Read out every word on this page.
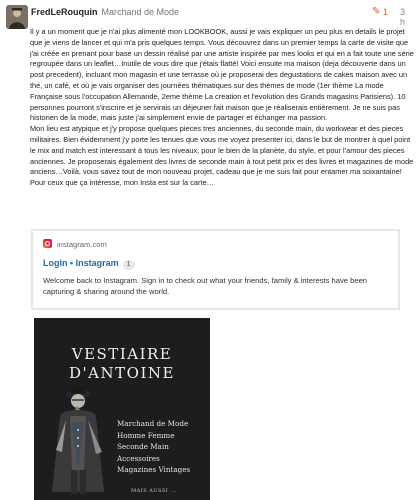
FredLeRouquin Marchand de Mode	✎ 1 3 h

Il y a un moment que je n'ai plus alimenté mon LOOKBOOK, aussi je vais expliquer un peu plus en details le projet que je viens de lancer et qui m'a pris quelques temps. Vous découvrez dans un premier temps la carte de visite que j'ai créée en prenant pour base un dessin réalisé par une artiste inspirée par mes looks et qui en a fait toute une série regroupée dans un leaflet…Inutile de vous dire que j'étais flatté! Voici ensuite ma maison (deja découverte dans un post precedent), incluant mon magasin et une terrasse où je proposerai des degustations de cakes maison avec un thé, un café, et où je vais organiser des journées thématiques sur des thèmes de mode (1er thème La mode Française sous l'occupation Allemande, 2eme thème La creation et l'evolution des Grands magasins Parisiens). 10 personnes pourront s'inscrire et je servirais un déjeuner fait maison que je réaliserais entièrement. Je ne suis pas historien de la mode, mais juste j'ai simplement envie de partager et échanger ma passion.

Mon lieu est atypique et j'y propose quelques pieces tres anciennes, du seconde main, du workwear et des pieces militaires. Bien évidemment j'y porte les tenues que vous me voyez presenter ici, dans le but de montrer à quel point le mix and match est interessant à tous les niveaux, pour le bien de la planète, du style, et pour l'amour des pieces anciennes. Je proposerais également des livres de seconde main à tout petit prix et des livres et magazines de mode anciens…Voilà, vous savez tout de mon nouveau projet, cadeau que je me suis fait pour entamer ma soixantaine! Pour ceux que ça intéresse, mon Insta est sur la carte…

instagram.com
Login • Instagram 1
Welcome back to Instagram. Sign in to check out what your friends, family & interests have been capturing & sharing around the world.
VESTIAIRE
D'ANTOINE
Marchand de Mode
Homme Femme
Seconde Main
Accessoires
Magazines Vintages
MAIS AUSSI ...
